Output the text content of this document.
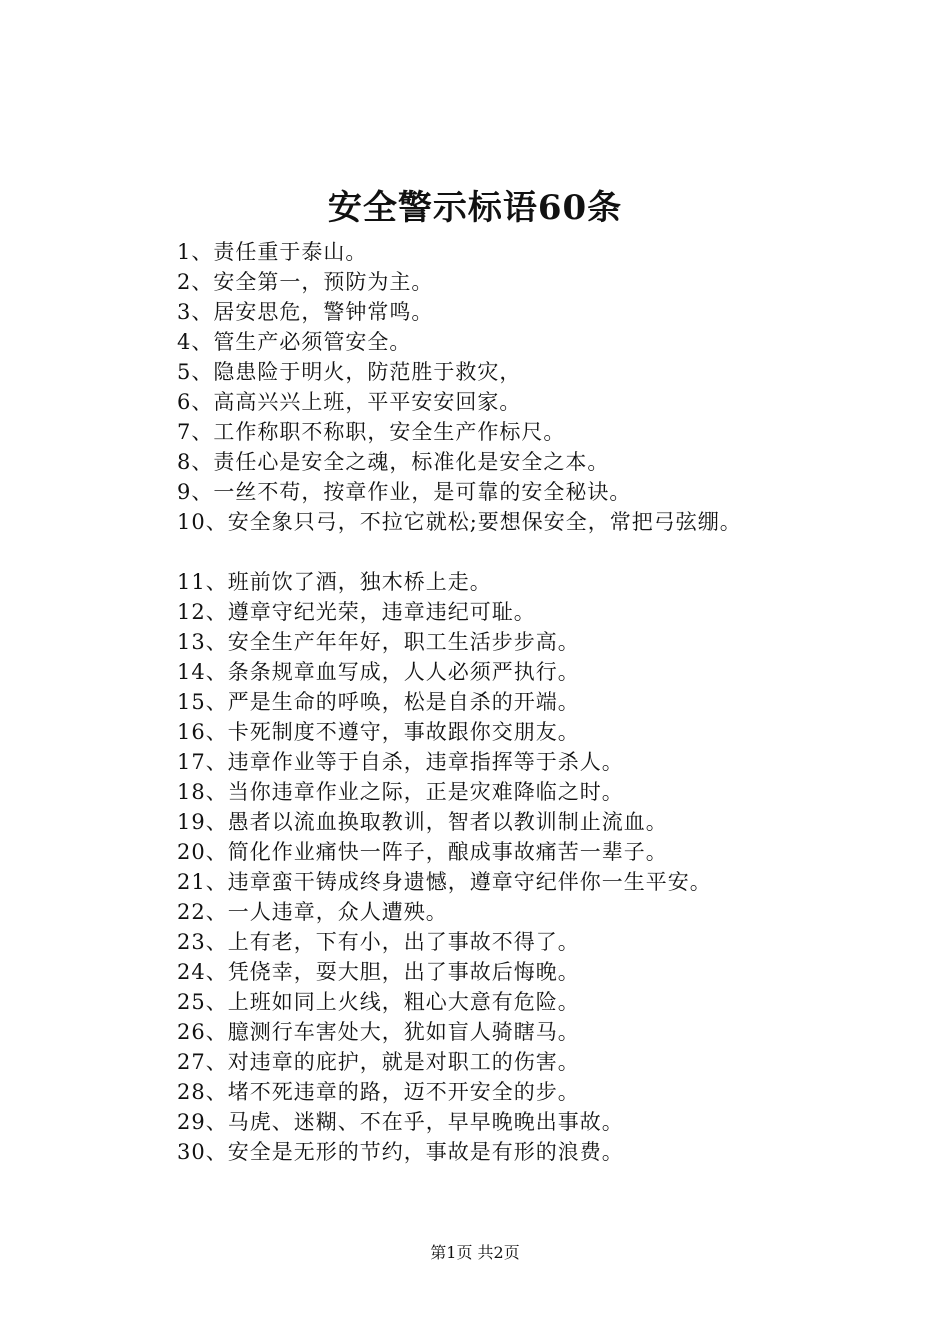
安全警示标语60条
1、责任重于泰山。
2、安全第一，预防为主。
3、居安思危，警钟常鸣。
4、管生产必须管安全。
5、隐患险于明火，防范胜于救灾，
6、高高兴兴上班，平平安安回家。
7、工作称职不称职，安全生产作标尺。
8、责任心是安全之魂，标准化是安全之本。
9、一丝不苟，按章作业，是可靠的安全秘诀。
10、安全象只弓，不拉它就松;要想保安全，常把弓弦绷。
11、班前饮了酒，独木桥上走。
12、遵章守纪光荣，违章违纪可耻。
13、安全生产年年好，职工生活步步高。
14、条条规章血写成，人人必须严执行。
15、严是生命的呼唤，松是自杀的开端。
16、卡死制度不遵守，事故跟你交朋友。
17、违章作业等于自杀，违章指挥等于杀人。
18、当你违章作业之际，正是灾难降临之时。
19、愚者以流血换取教训，智者以教训制止流血。
20、简化作业痛快一阵子，酿成事故痛苦一辈子。
21、违章蛮干铸成终身遗憾，遵章守纪伴你一生平安。
22、一人违章，众人遭殃。
23、上有老，下有小，出了事故不得了。
24、凭侥幸，耍大胆，出了事故后悔晚。
25、上班如同上火线，粗心大意有危险。
26、臆测行车害处大，犹如盲人骑瞎马。
27、对违章的庇护，就是对职工的伤害。
28、堵不死违章的路，迈不开安全的步。
29、马虎、迷糊、不在乎，早早晚晚出事故。
30、安全是无形的节约，事故是有形的浪费。
第1页 共2页
